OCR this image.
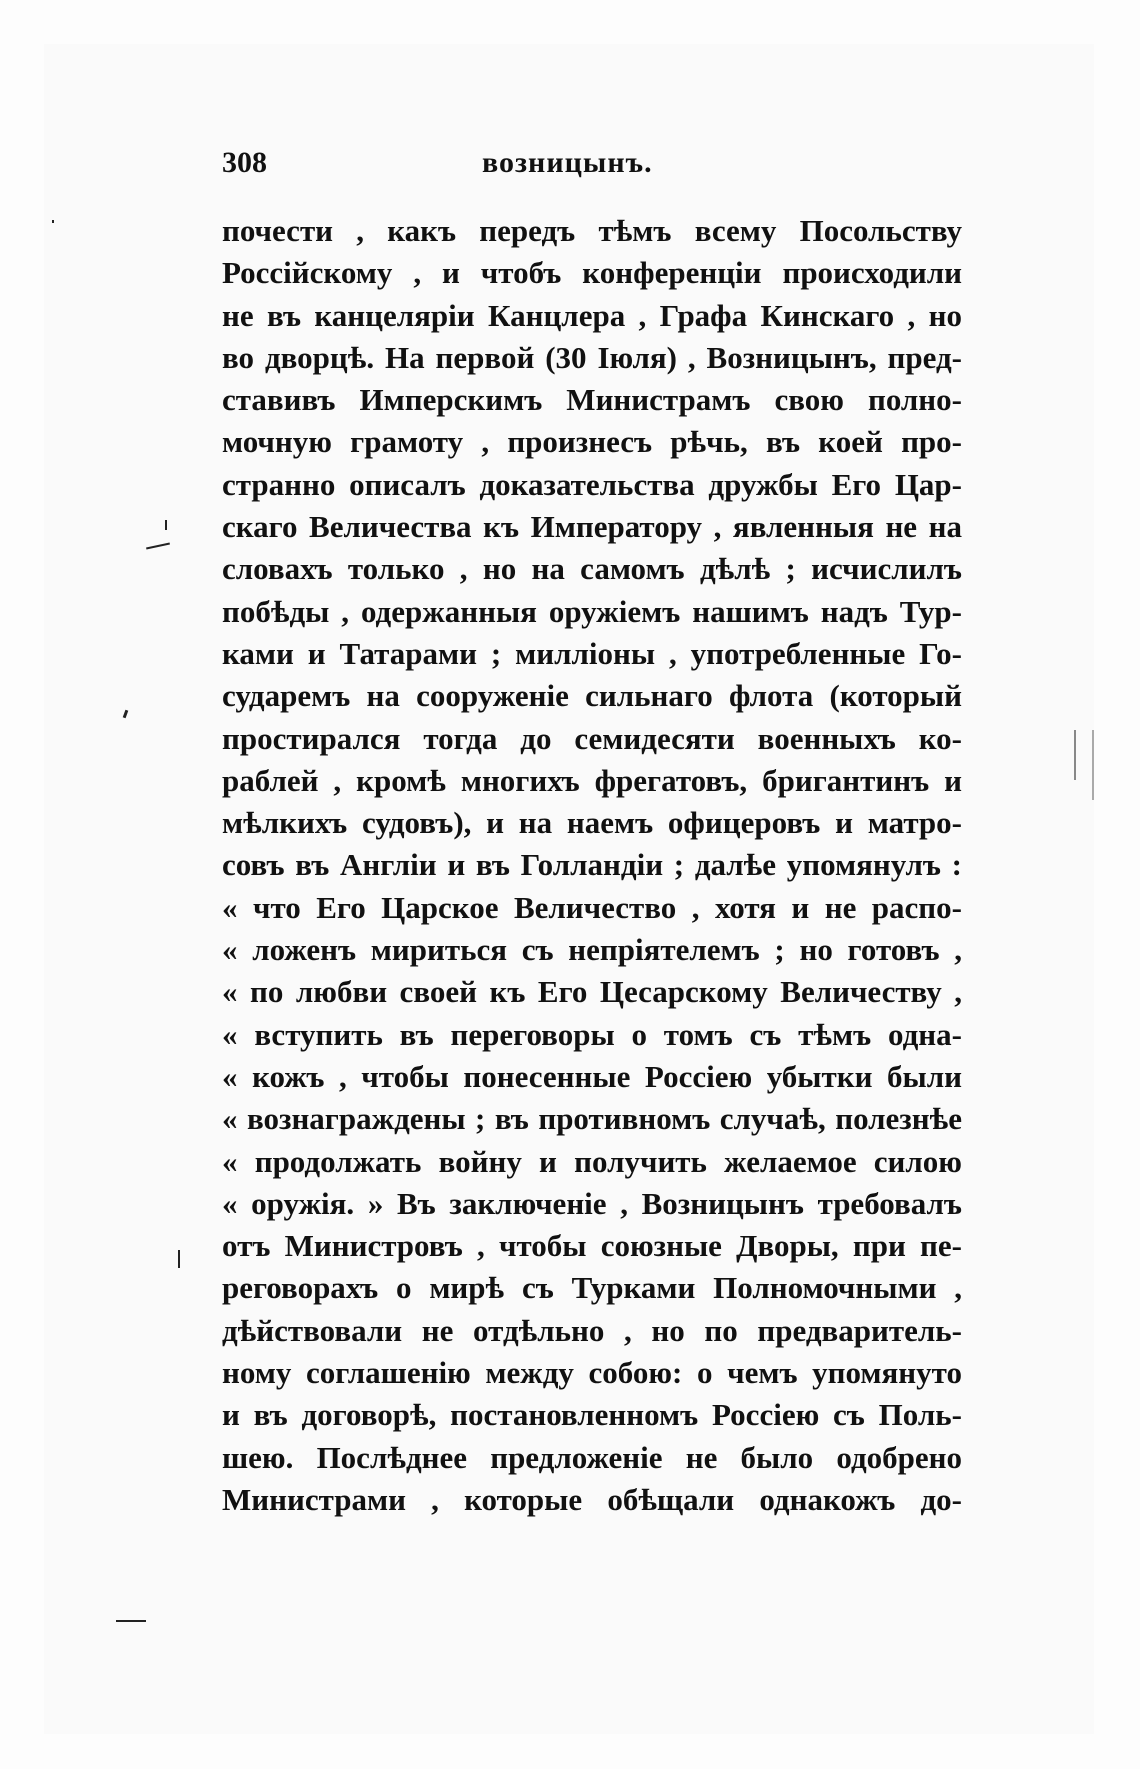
308	возницынъ.
почести , какъ передъ тѣмъ всему Посольству
Россійскому , и чтобъ конференціи происходили
не въ канцеляріи Канцлера , Графа Кинскаго , но
во дворцѣ. На первой (30 Іюля) , Возницынъ, пред-
ставивъ Имперскимъ Министрамъ свою полно-
мочную грамоту , произнесъ рѣчь, въ коей про-
странно описалъ доказательства дружбы Его Цар-
скаго Величества къ Императору , явленныя не на
словахъ только , но на самомъ дѣлѣ ; исчислилъ
побѣды , одержанныя оружіемъ нашимъ надъ Тур-
ками и Татарами ; милліоны , употребленные Го-
сударемъ на сооруженіе сильнаго флота (который
простирался тогда до семидесяти военныхъ ко-
раблей , кромѣ многихъ фрегатовъ, бригантинъ и
мѣлкихъ судовъ), и на наемъ офицеровъ и матро-
совъ въ Англіи и въ Голландіи ; далѣе упомянулъ :
« что Его Царское Величество , хотя и не распо-
« ложенъ мириться съ непріятелемъ ; но готовъ ,
« по любви своей къ Его Цесарскому Величеству ,
« вступить въ переговоры о томъ съ тѣмъ одна-
« кожъ , чтобы понесенные Россіею убытки были
« вознаграждены ; въ противномъ случаѣ, полезнѣе
« продолжать войну и получить желаемое силою
« оружія. » Въ заключеніе , Возницынъ требовалъ
отъ Министровъ , чтобы союзные Дворы, при пе-
реговорахъ о мирѣ съ Турками Полномочными ,
дѣйствовали не отдѣльно , но по предваритель-
ному соглашенію между собою: о чемъ упомянуто
и въ договорѣ, постановленномъ Россіею съ Поль-
шею. Послѣднее предложеніе не было одобрено
Министрами , которые обѣщали однакожъ до-
